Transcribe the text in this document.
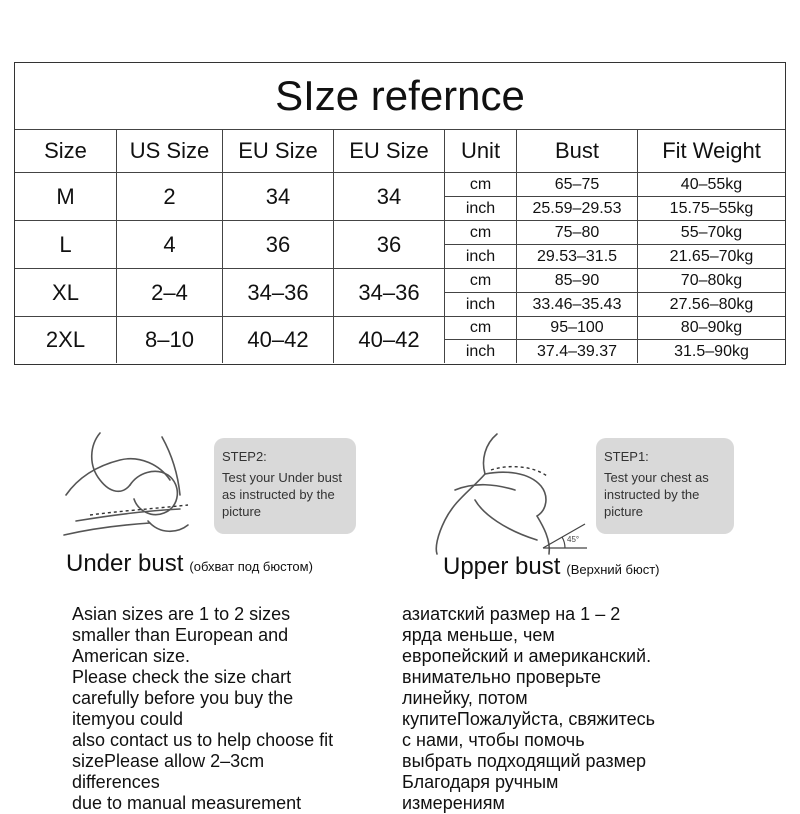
SIze refernce
Size	US Size	EU Size	EU Size	Unit	Bust	Fit Weight
M	2	34	34	cm	65–75	40–55kg
inch	25.59–29.53	15.75–55kg
L	4	36	36	cm	75–80	55–70kg
inch	29.53–31.5	21.65–70kg
XL	2–4	34–36	34–36	cm	85–90	70–80kg
inch	33.46–35.43	27.56–80kg
2XL	8–10	40–42	40–42	cm	95–100	80–90kg
inch	37.4–39.37	31.5–90kg
STEP2:
Test your Under bust as instructed by the picture
Under bust (обхват под бюстом)
45°
STEP1:
Test your chest as instructed by the picture
Upper bust (Верхний бюст)
Asian sizes are 1 to 2 sizes
smaller than European and
American size.
Please check the size chart
carefully before you buy the
itemyou could
also contact us to help choose fit
sizePlease allow 2–3cm
differences
due to manual measurement
азиатский размер на 1 – 2
ярда меньше, чем
европейский и американский.
внимательно проверьте
линейку, потом
купитеПожалуйста, свяжитесь
с нами, чтобы помочь
выбрать подходящий размер
Благодаря ручным
измерениям
